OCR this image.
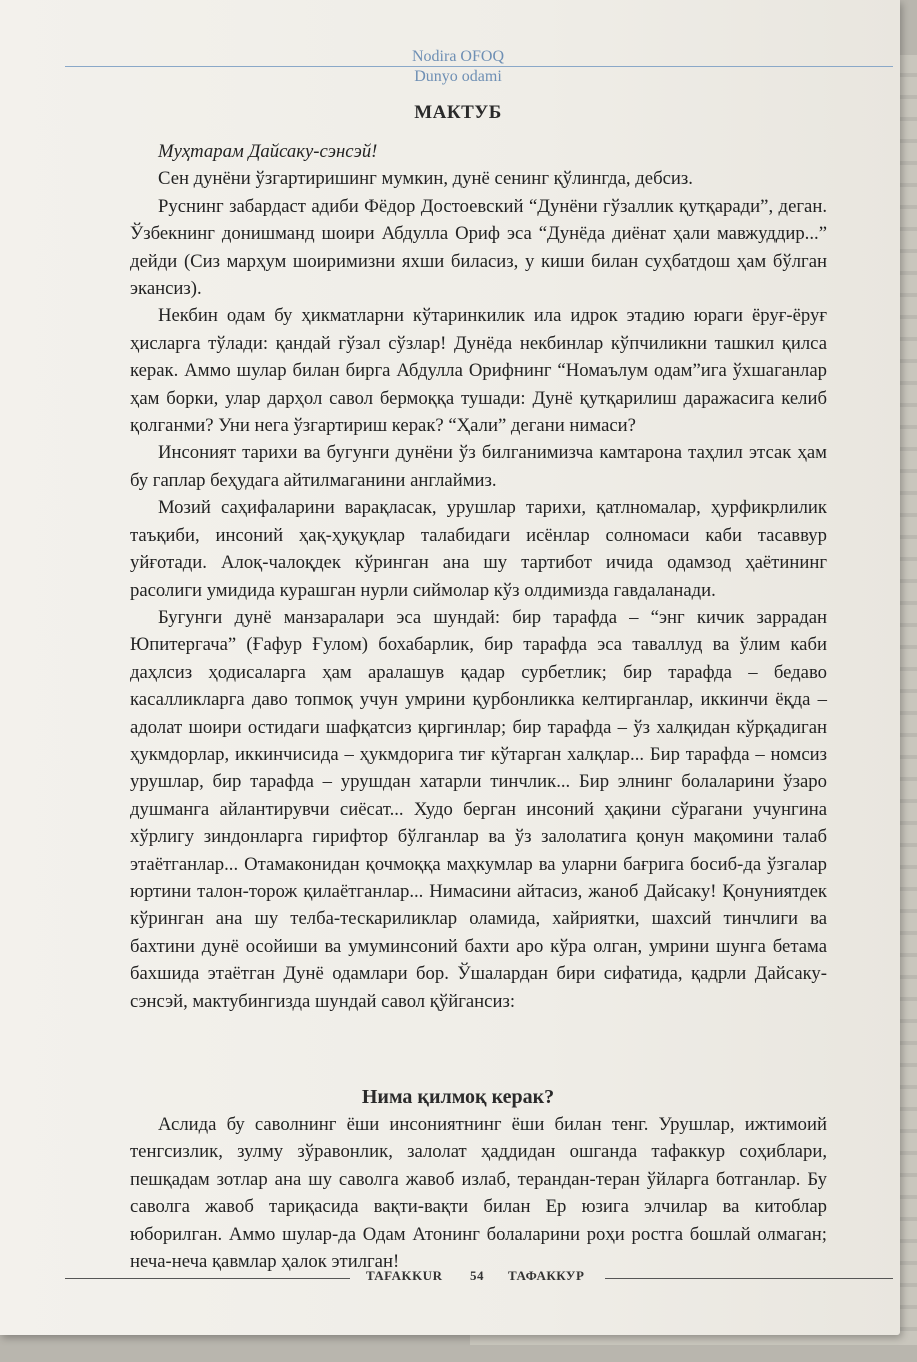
Nodira OFOQ
Dunyo odami
МАКТУБ

Муҳтарам Дайсаку-сэнсэй!

Сен дунёни ўзгартиришинг мумкин, дунё сенинг қўлингда, дебсиз.

Руснинг забардаст адиби Фёдор Достоевский “Дунёни гўзаллик қутқаради”, деган. Ўзбекнинг донишманд шоири Абдулла Ориф эса “Дунёда диёнат ҳали мавжуддир...” дейди (Сиз марҳум шоиримизни яхши биласиз, у киши билан суҳбатдош ҳам бўлган экансиз).

Некбин одам бу ҳикматларни кўтаринкилик ила идрок этадию юраги ёруғ-ёруғ ҳисларга тўлади: қандай гўзал сўзлар! Дунёда некбинлар кўпчиликни ташкил қилса керак. Аммо шулар билан бирга Абдулла Орифнинг “Номаълум одам”ига ўхшаганлар ҳам борки, улар дарҳол савол бермоққа тушади: Дунё қутқарилиш даражасига келиб қолганми? Уни нега ўзгартириш керак? “Ҳали” дегани нимаси?

Инсоният тарихи ва бугунги дунёни ўз билганимизча камтарона таҳлил этсак ҳам бу гаплар беҳудага айтилмаганини англаймиз.

Мозий саҳифаларини варақласак, урушлар тарихи, қатлномалар, ҳурфикрлилик таъқиби, инсоний ҳақ-ҳуқуқлар талабидаги исёнлар солномаси каби тасаввур уйғотади. Алоқ-чалоқдек кўринган ана шу тартибот ичида одамзод ҳаётининг расолиги умидида курашган нурли сиймолар кўз олдимизда гавдаланади.

Бугунги дунё манзаралари эса шундай: бир тарафда – “энг кичик заррадан Юпитергача” (Ғафур Ғулом) бохабарлик, бир тарафда эса таваллуд ва ўлим каби даҳлсиз ҳодисаларга ҳам аралашув қадар сурбетлик; бир тарафда – бедаво касалликларга даво топмоқ учун умрини қурбонликка келтирганлар, иккинчи ёқда – адолат шоири остидаги шафқатсиз қиргинлар; бир тарафда – ўз халқидан кўрқадиган ҳукмдорлар, иккинчисида – ҳукмдорига тиғ кўтарган халқлар... Бир тарафда – номсиз урушлар, бир тарафда – урушдан хатарли тинчлик... Бир элнинг болаларини ўзаро душманга айлантирувчи сиёсат... Худо берган инсоний ҳақини сўрагани учунгина хўрлигу зиндонларга гирифтор бўлганлар ва ўз залолатига қонун мақомини талаб этаётганлар... Отамаконидан қочмоққа маҳкумлар ва уларни бағрига босиб-да ўзгалар юртини талон-торож қилаётганлар... Нимасини айтасиз, жаноб Дайсаку! Қонуниятдек кўринган ана шу телба-тескариликлар оламида, хайриятки, шахсий тинчлиги ва бахтини дунё осойиши ва умуминсоний бахти аро кўра олган, умрини шунга бетама бахшида этаётган Дунё одамлари бор. Ўшалардан бири сифатида, қадрли Дайсаку-сэнсэй, мактубингизда шундай савол қўйгансиз:

Нима қилмоқ керак?

Аслида бу саволнинг ёши инсониятнинг ёши билан тенг. Урушлар, ижтимоий тенгсизлик, зулму зўравонлик, залолат ҳаддидан ошганда тафаккур соҳиблари, пешқадам зотлар ана шу саволга жавоб излаб, терандан-теран ўйларга ботганлар. Бу саволга жавоб тариқасида вақти-вақти билан Ер юзига элчилар ва китоблар юборилган. Аммо шулар-да Одам Атонинг болаларини роҳи ростга бошлай олмаган; неча-неча қавмлар ҳалок этилган!

TAFAKKUR 54 ТАФАККУР
